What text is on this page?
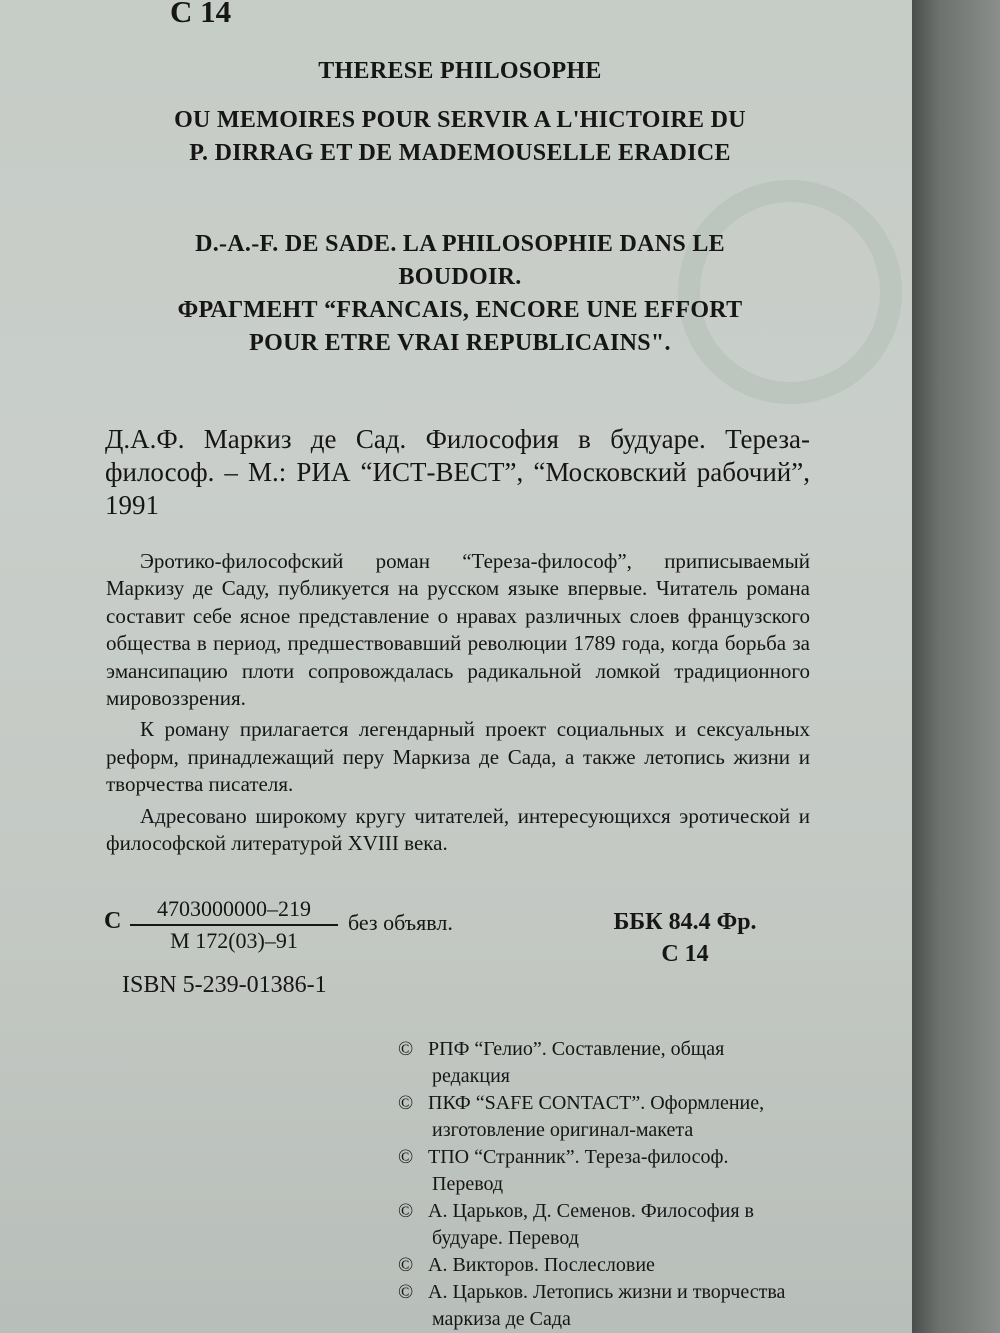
С 14
THERESE PHILOSOPHE
OU MEMOIRES POUR SERVIR A L'HICTOIRE DU
P. DIRRAG ET DE MADEMOUSELLE ERADICE
D.-A.-F. DE SADE. LA PHILOSOPHIE DANS LE
BOUDOIR.
ФРАГМЕНТ “FRANCAIS, ENCORE UNE EFFORT
POUR ETRE VRAI REPUBLICAINS".
Д.А.Ф. Маркиз де Сад. Философия в будуаре. Тереза-философ. – М.: РИА “ИСТ-ВЕСТ”, “Московский рабочий”, 1991

Эротико-философский роман “Тереза-философ”, приписываемый Маркизу де Саду, публикуется на русском языке впервые. Читатель романа составит себе ясное представление о нравах различных слоев французского общества в период, предшествовавший революции 1789 года, когда борьба за эмансипацию плоти сопровождалась радикальной ломкой традиционного мировоззрения.

К роману прилагается легендарный проект социальных и сексуальных реформ, принадлежащий перу Маркиза де Сада, а также летопись жизни и творчества писателя.

Адресовано широкому кругу читателей, интересующихся эротической и философской литературой XVIII века.

С	4703000000–219
М 172(03)–91
без объявл.	ББК 84.4 Фр.
С 14
ISBN 5-239-01386-1
© РПФ “Гелио”. Составление, общая редакция
© ПКФ “SAFE CONTACT”. Оформление, изготовление оригинал-макета
© ТПО “Странник”. Тереза-философ. Перевод
© А. Царьков, Д. Семенов. Философия в будуаре. Перевод
© А. Викторов. Послесловие
© А. Царьков. Летопись жизни и творчества маркиза де Сада
